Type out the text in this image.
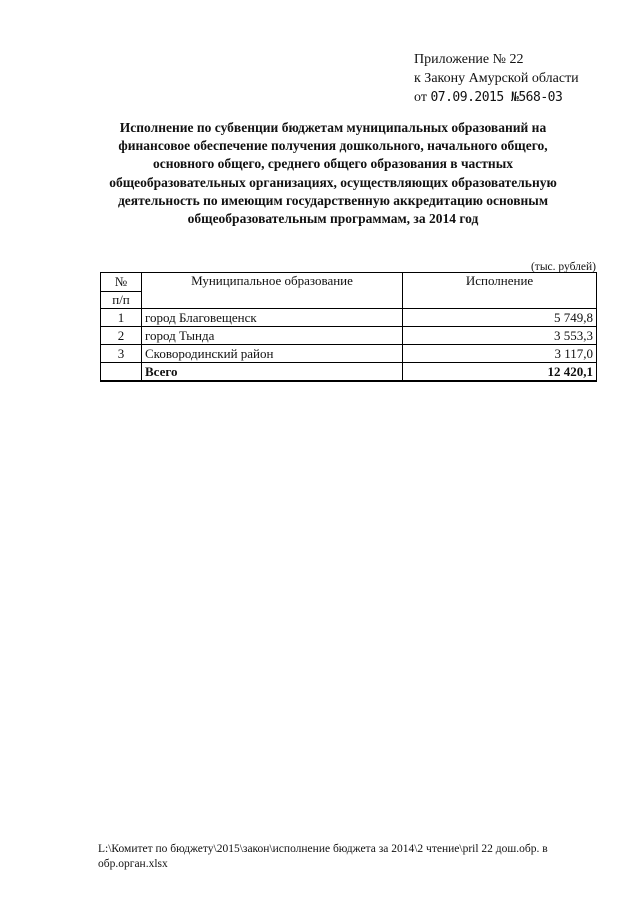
Приложение № 22
к Закону Амурской области
от 07.09.2015 №568-03
Исполнение по субвенции бюджетам муниципальных образований на финансовое обеспечение получения дошкольного, начального общего, основного общего, среднего общего образования в частных общеобразовательных организациях, осуществляющих образовательную деятельность по имеющим государственную аккредитацию основным общеобразовательным программам, за 2014 год
(тыс. рублей)
№	Муниципальное образование	Исполнение
п/п		
1	город Благовещенск	5 749,8
2	город Тында	3 553,3
3	Сковородинский район	3 117,0
	Всего	12 420,1
L:\Комитет по бюджету\2015\закон\исполнение бюджета за 2014\2 чтение\pril 22 дош.обр. в обр.орган.xlsx
